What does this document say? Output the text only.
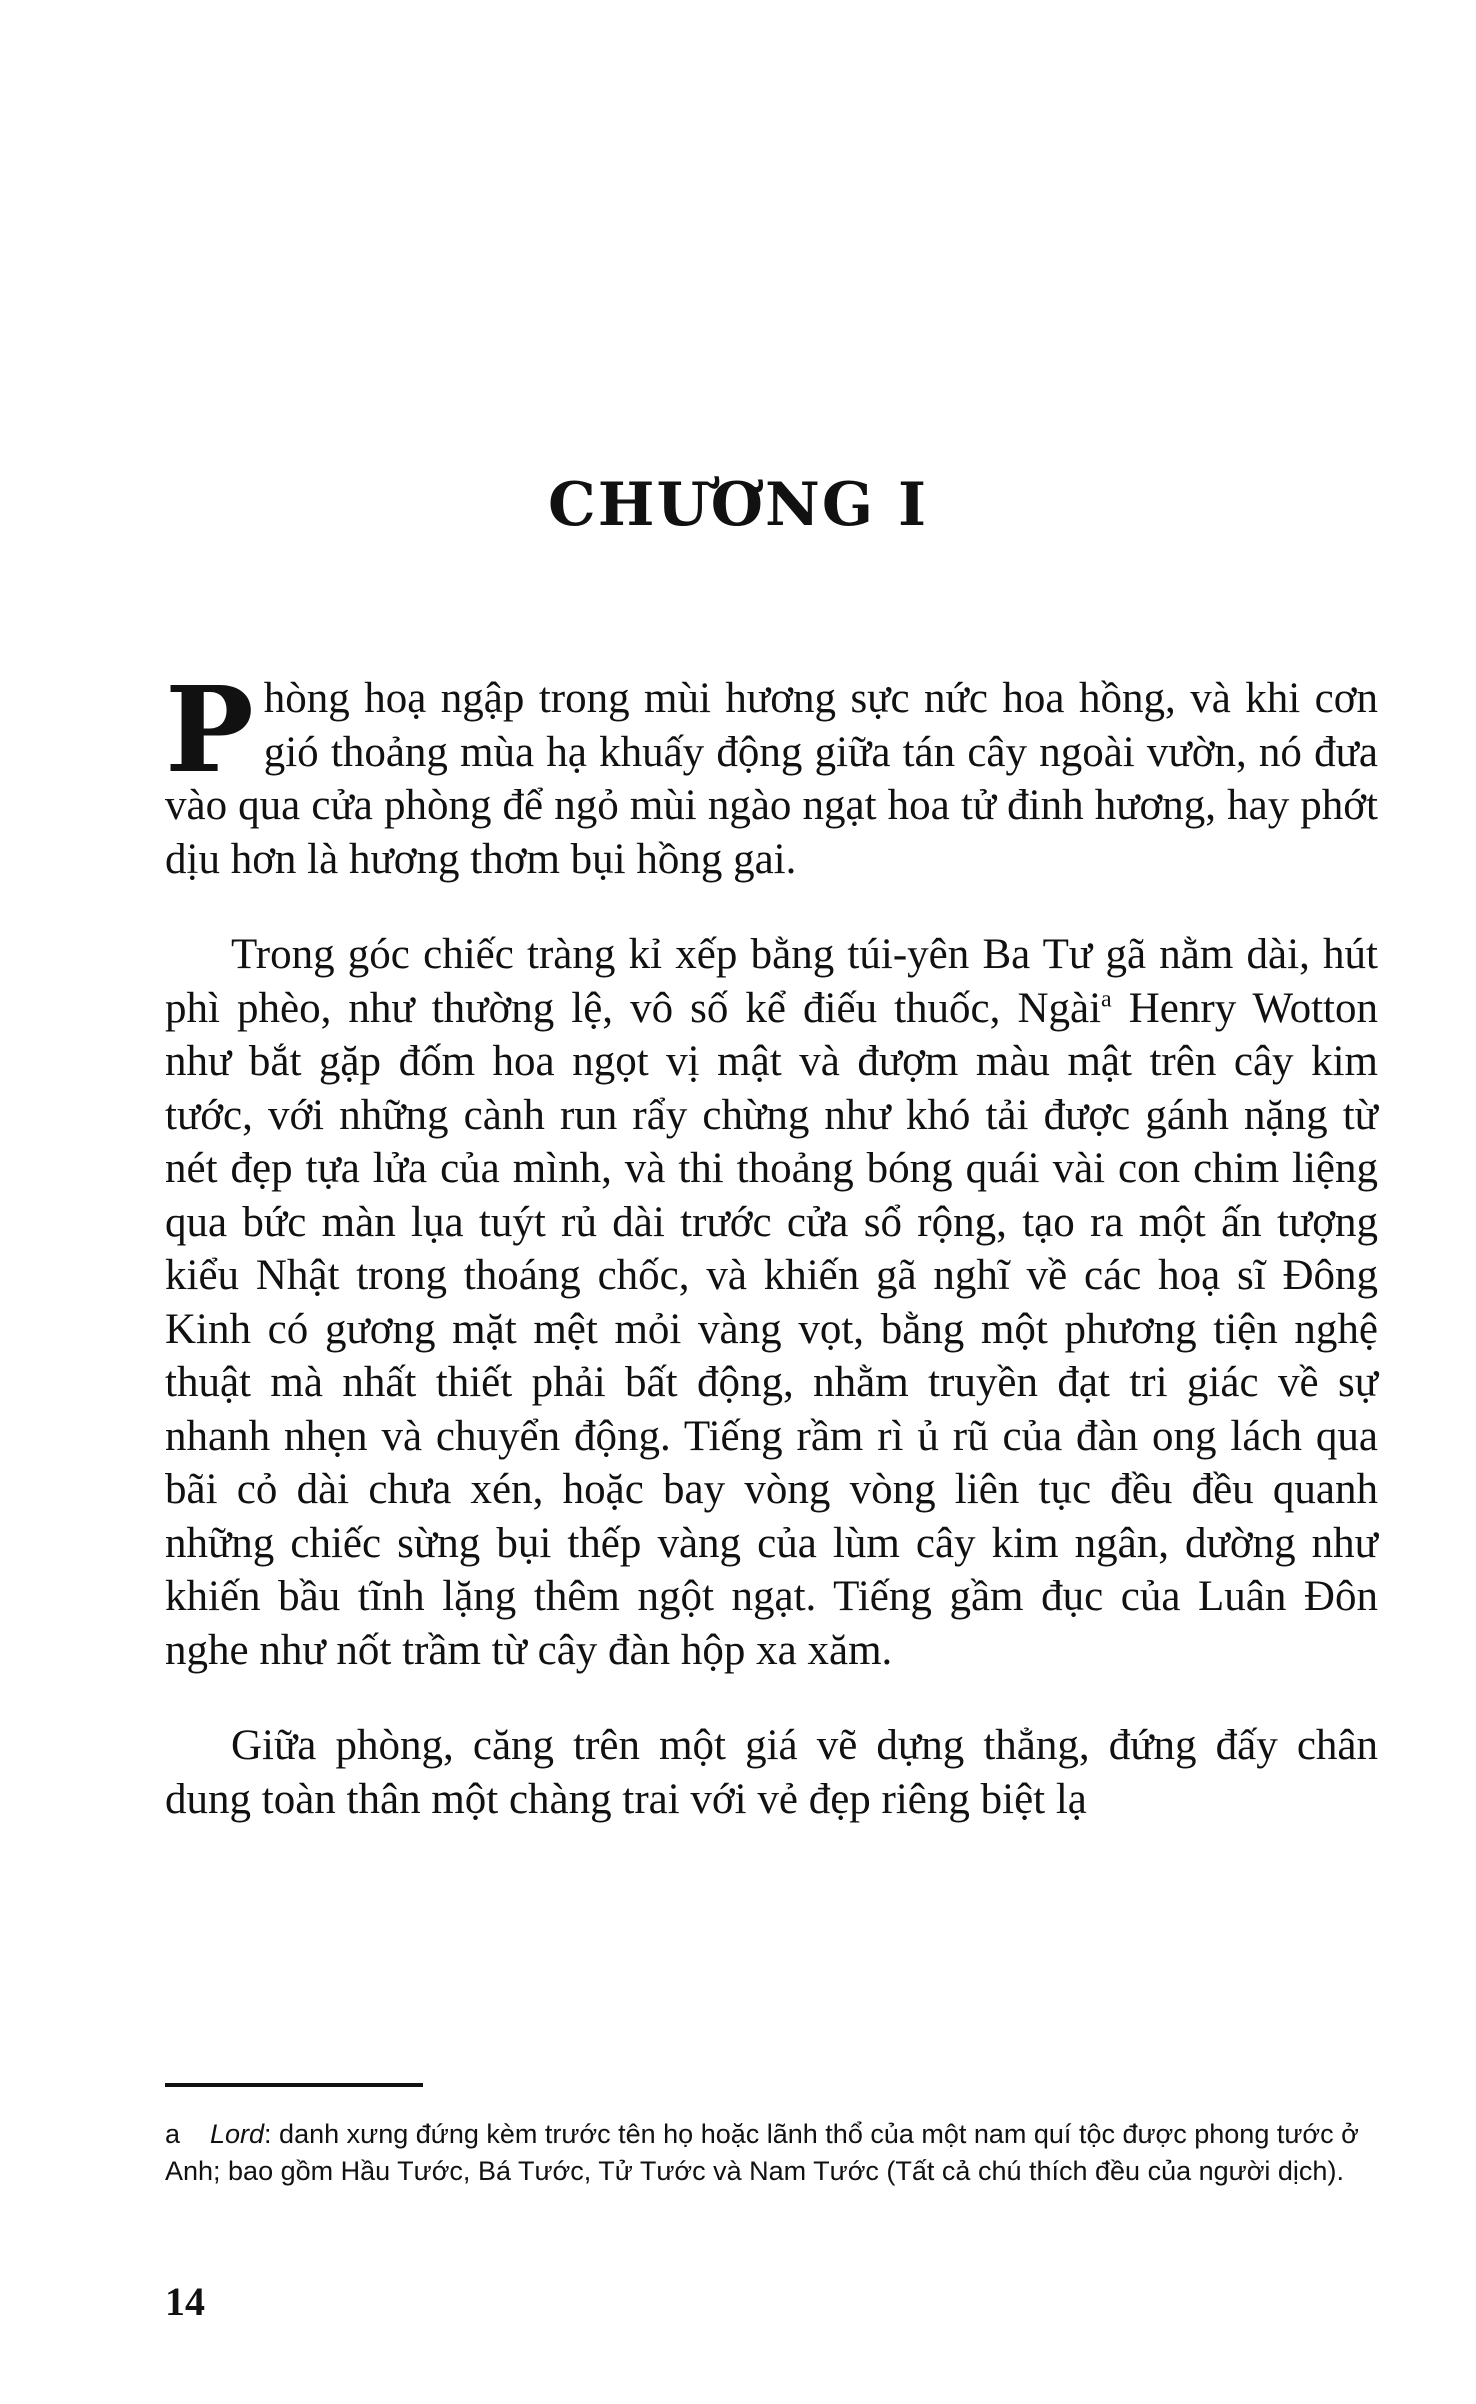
CHƯƠNG I

Phòng hoạ ngập trong mùi hương sực nức hoa hồng, và khi cơn gió thoảng mùa hạ khuấy động giữa tán cây ngoài vườn, nó đưa vào qua cửa phòng để ngỏ mùi ngào ngạt hoa tử đinh hương, hay phớt dịu hơn là hương thơm bụi hồng gai.

Trong góc chiếc tràng kỉ xếp bằng túi-yên Ba Tư gã nằm dài, hút phì phèo, như thường lệ, vô số kể điếu thuốc, Ngài$^a$ Henry Wotton như bắt gặp đốm hoa ngọt vị mật và đượm màu mật trên cây kim tước, với những cành run rẩy chừng như khó tải được gánh nặng từ nét đẹp tựa lửa của mình, và thi thoảng bóng quái vài con chim liệng qua bức màn lụa tuýt rủ dài trước cửa sổ rộng, tạo ra một ấn tượng kiểu Nhật trong thoáng chốc, và khiến gã nghĩ về các hoạ sĩ Đông Kinh có gương mặt mệt mỏi vàng vọt, bằng một phương tiện nghệ thuật mà nhất thiết phải bất động, nhằm truyền đạt tri giác về sự nhanh nhẹn và chuyển động. Tiếng rầm rì ủ rũ của đàn ong lách qua bãi cỏ dài chưa xén, hoặc bay vòng vòng liên tục đều đều quanh những chiếc sừng bụi thếp vàng của lùm cây kim ngân, dường như khiến bầu tĩnh lặng thêm ngột ngạt. Tiếng gầm đục của Luân Đôn nghe như nốt trầm từ cây đàn hộp xa xăm.

Giữa phòng, căng trên một giá vẽ dựng thẳng, đứng đấy chân dung toàn thân một chàng trai với vẻ đẹp riêng biệt lạ

a Lord: danh xưng đứng kèm trước tên họ hoặc lãnh thổ của một nam quí tộc được phong tước ở Anh; bao gồm Hầu Tước, Bá Tước, Tử Tước và Nam Tước (Tất cả chú thích đều của người dịch).
14
